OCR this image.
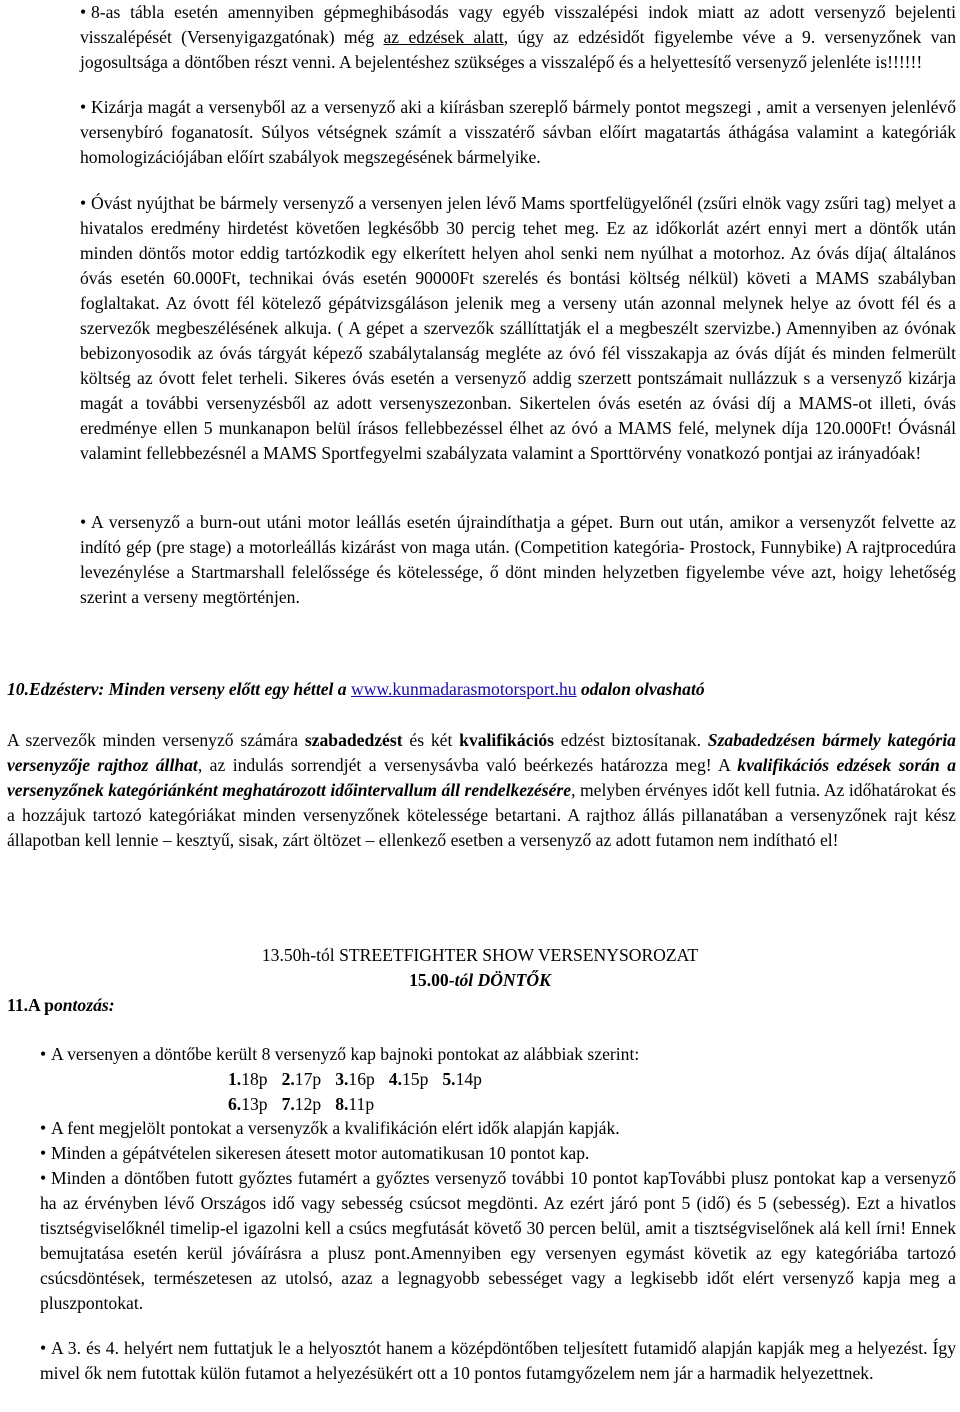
• 8-as tábla esetén amennyiben gépmeghibásodás vagy egyéb visszalépési indok miatt az adott versenyző bejelenti visszalépését (Versenyigazgatónak) még az edzések alatt, úgy az edzésidőt figyelembe véve a 9. versenyzőnek van jogosultsága a döntőben részt venni. A bejelentéshez szükséges a visszalépő és a helyettesítő versenyző jelenléte is!!!!!!

• Kizárja magát a versenyből az a versenyző aki a kiírásban szereplő bármely pontot megszegi , amit a versenyen jelenlévő versenybíró foganatosít. Súlyos vétségnek számít a visszatérő sávban előírt magatartás áthágása valamint a kategóriák homologizációjában előírt szabályok megszegésének bármelyike.

• Óvást nyújthat be bármely versenyző a versenyen jelen lévő Mams sportfelügyelőnél (zsűri elnök vagy zsűri tag) melyet a hivatalos eredmény hirdetést követően legkésőbb 30 percig tehet meg. Ez az időkorlát azért ennyi mert a döntők után minden döntős motor eddig tartózkodik egy elkerített helyen ahol senki nem nyúlhat a motorhoz. Az óvás díja( általános óvás esetén 60.000Ft, technikai óvás esetén 90000Ft szerelés és bontási költség nélkül) követi a MAMS szabályban foglaltakat. Az óvott fél kötelező gépátvizsgáláson jelenik meg a verseny után azonnal melynek helye az óvott fél és a szervezők megbeszélésének alkuja. ( A gépet a szervezők szállíttatják el a megbeszélt szervizbe.) Amennyiben az óvónak bebizonyosodik az óvás tárgyát képező szabálytalanság megléte az óvó fél visszakapja az óvás díját és minden felmerült költség az óvott felet terheli. Sikeres óvás esetén a versenyző addig szerzett pontszámait nullázzuk s a versenyző kizárja magát a további versenyzésből az adott versenyszezonban. Sikertelen óvás esetén az óvási díj a MAMS-ot illeti, óvás eredménye ellen 5 munkanapon belül írásos fellebbezéssel élhet az óvó a MAMS felé, melynek díja 120.000Ft! Óvásnál valamint fellebbezésnél a MAMS Sportfegyelmi szabályzata valamint a Sporttörvény vonatkozó pontjai az irányadóak!

• A versenyző a burn-out utáni motor leállás esetén újraindíthatja a gépet. Burn out után, amikor a versenyzőt felvette az indító gép (pre stage) a motorleállás kizárást von maga után. (Competition kategória- Prostock, Funnybike) A rajtprocedúra levezénylése a Startmarshall felelőssége és kötelessége, ő dönt minden helyzetben figyelembe véve azt, hoigy lehetőség szerint a verseny megtörténjen.

10.Edzésterv: Minden verseny előtt egy héttel a www.kunmadarasmotorsport.hu odalon olvasható

A szervezők minden versenyző számára szabadedzést és két kvalifikációs edzést biztosítanak. Szabadedzésen bármely kategória versenyzője rajthoz állhat, az indulás sorrendjét a versenysávba való beérkezés határozza meg! A kvalifikációs edzések során a versenyzőnek kategóriánként meghatározott időintervallum áll rendelkezésére, melyben érvényes időt kell futnia. Az időhatárokat és a hozzájuk tartozó kategóriákat minden versenyzőnek kötelessége betartani. A rajthoz állás pillanatában a versenyzőnek rajt kész állapotban kell lennie – kesztyű, sisak, zárt öltözet – ellenkező esetben a versenyző az adott futamon nem indítható el!

13.50h-tól STREETFIGHTER SHOW VERSENYSOROZAT
15.00-tól DÖNTŐK

11.A pontozás:

• A versenyen a döntőbe került 8 versenyző kap bajnoki pontokat az alábbiak szerint:

1.18p 2.17p 3.16p 4.15p 5.14p
6.13p 7.12p 8.11p

• A fent megjelölt pontokat a versenyzők a kvalifikáción elért idők alapján kapják.

• Minden a gépátvételen sikeresen átesett motor automatikusan 10 pontot kap.

• Minden a döntőben futott győztes futamért a győztes versenyző további 10 pontot kapTovábbi plusz pontokat kap a versenyző ha az érvényben lévő Országos idő vagy sebesség csúcsot megdönti. Az ezért járó pont 5 (idő) és 5 (sebesség). Ezt a hivatlos tisztségviselőknél timelip-el igazolni kell a csúcs megfutását követő 30 percen belül, amit a tisztségviselőnek alá kell írni! Ennek bemujtatása esetén kerül jóváírásra a plusz pont.Amennyiben egy versenyen egymást követik az egy kategóriába tartozó csúcsdöntések, természetesen az utolsó, azaz a legnagyobb sebességet vagy a legkisebb időt elért versenyző kapja meg a pluszpontokat.

• A 3. és 4. helyért nem futtatjuk le a helyosztót hanem a középdöntőben teljesített futamidő alapján kapják meg a helyezést. Így mivel ők nem futottak külön futamot a helyezésükért ott a 10 pontos futamgyőzelem nem jár a harmadik helyezettnek.
